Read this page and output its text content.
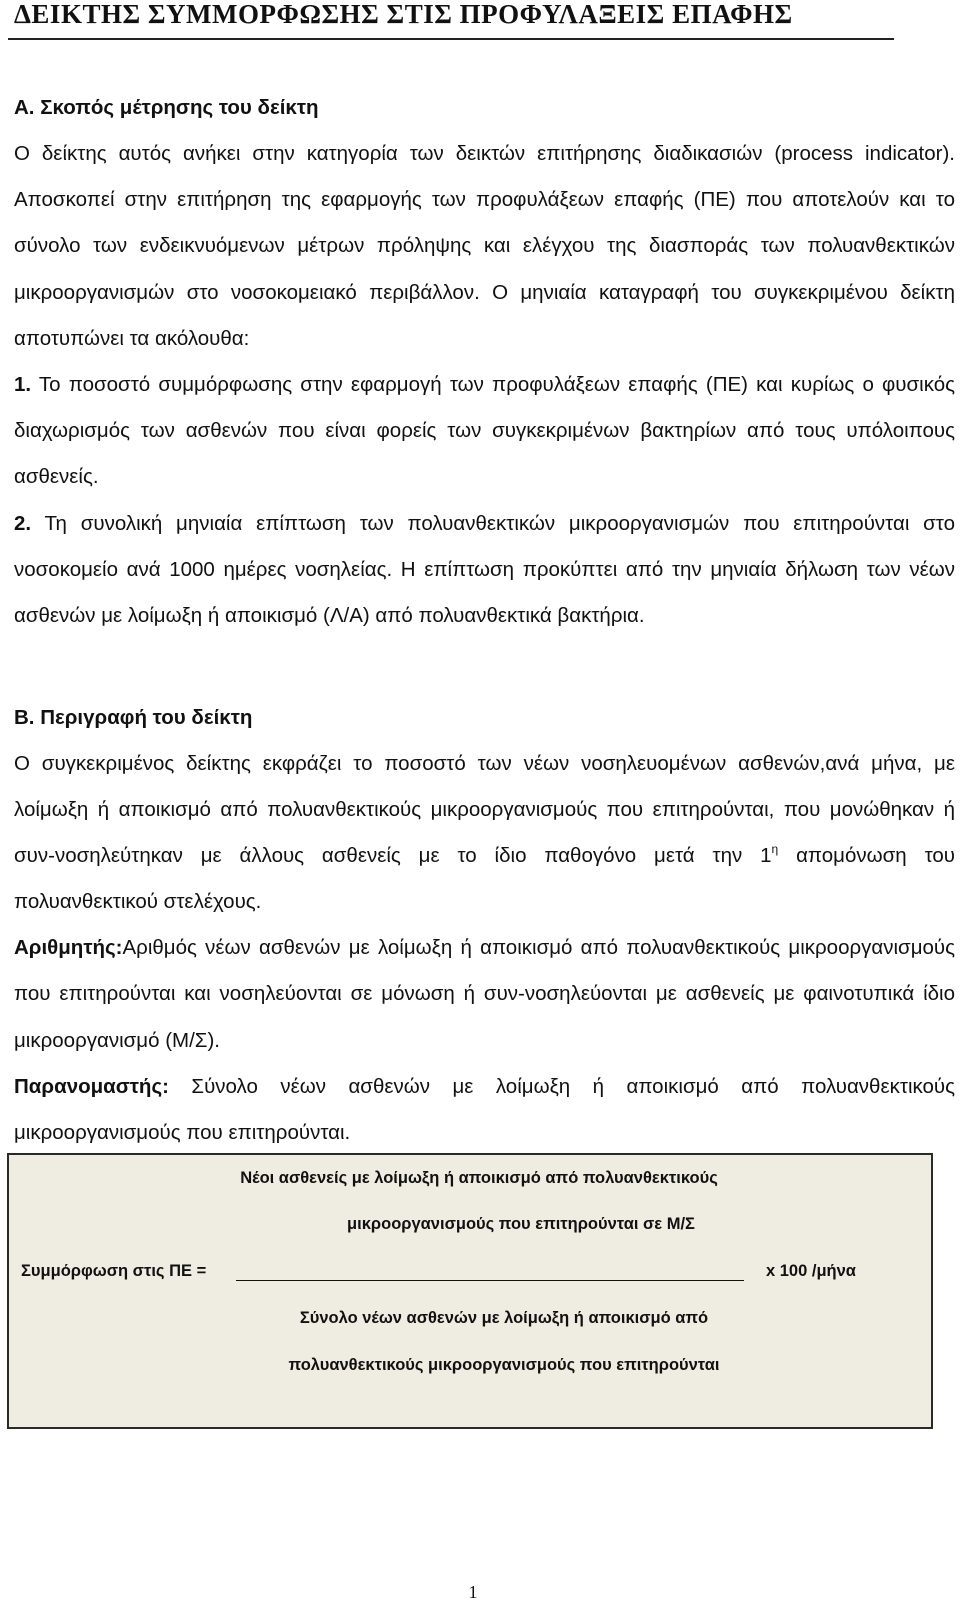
ΔΕΙΚΤΗΣ ΣΥΜΜΟΡΦΩΣΗΣ ΣΤΙΣ ΠΡΟΦΥΛΑΞΕΙΣ ΕΠΑΦΗΣ

Α. Σκοπός μέτρησης του δείκτη

Ο δείκτης αυτός ανήκει στην κατηγορία των δεικτών επιτήρησης διαδικασιών (process indicator). Αποσκοπεί στην επιτήρηση της εφαρμογής των προφυλάξεων επαφής (ΠΕ) που αποτελούν και το σύνολο των ενδεικνυόμενων μέτρων πρόληψης και ελέγχου της διασποράς των πολυανθεκτικών μικροοργανισμών στο νοσοκομειακό περιβάλλον. Ο μηνιαία καταγραφή του συγκεκριμένου δείκτη αποτυπώνει τα ακόλουθα:

1. Το ποσοστό συμμόρφωσης στην εφαρμογή των προφυλάξεων επαφής (ΠΕ) και κυρίως ο φυσικός διαχωρισμός των ασθενών που είναι φορείς των συγκεκριμένων βακτηρίων από τους υπόλοιπους ασθενείς.

2. Τη συνολική μηνιαία επίπτωση των πολυανθεκτικών μικροοργανισμών που επιτηρούνται στο νοσοκομείο ανά 1000 ημέρες νοσηλείας. Η επίπτωση προκύπτει από την μηνιαία δήλωση των νέων ασθενών με λοίμωξη ή αποικισμό (Λ/Α) από πολυανθεκτικά βακτήρια.

Β. Περιγραφή του δείκτη

Ο συγκεκριμένος δείκτης εκφράζει το ποσοστό των νέων νοσηλευομένων ασθενών,ανά μήνα, με λοίμωξη ή αποικισμό από πολυανθεκτικούς μικροοργανισμούς που επιτηρούνται, που μονώθηκαν ή συν-νοσηλεύτηκαν με άλλους ασθενείς με το ίδιο παθογόνο μετά την $1^\eta$ απομόνωση του πολυανθεκτικού στελέχους.

Αριθμητής:Αριθμός νέων ασθενών με λοίμωξη ή αποικισμό από πολυανθεκτικούς μικροοργανισμούς που επιτηρούνται και νοσηλεύονται σε μόνωση ή συν-νοσηλεύονται με ασθενείς με φαινοτυπικά ίδιο μικροοργανισμό (Μ/Σ).

Παρανομαστής: Σύνολο νέων ασθενών με λοίμωξη ή αποικισμό από πολυανθεκτικούς μικροοργανισμούς που επιτηρούνται.

Νέοι ασθενείς με λοίμωξη ή αποικισμό από πολυανθεκτικούς
μικροοργανισμούς που επιτηρούνται σε Μ/Σ
Συμμόρφωση στις ΠΕ =	x 100 /μήνα
Σύνολο νέων ασθενών με λοίμωξη ή αποικισμό από
πολυανθεκτικούς μικροοργανισμούς που επιτηρούνται
1
